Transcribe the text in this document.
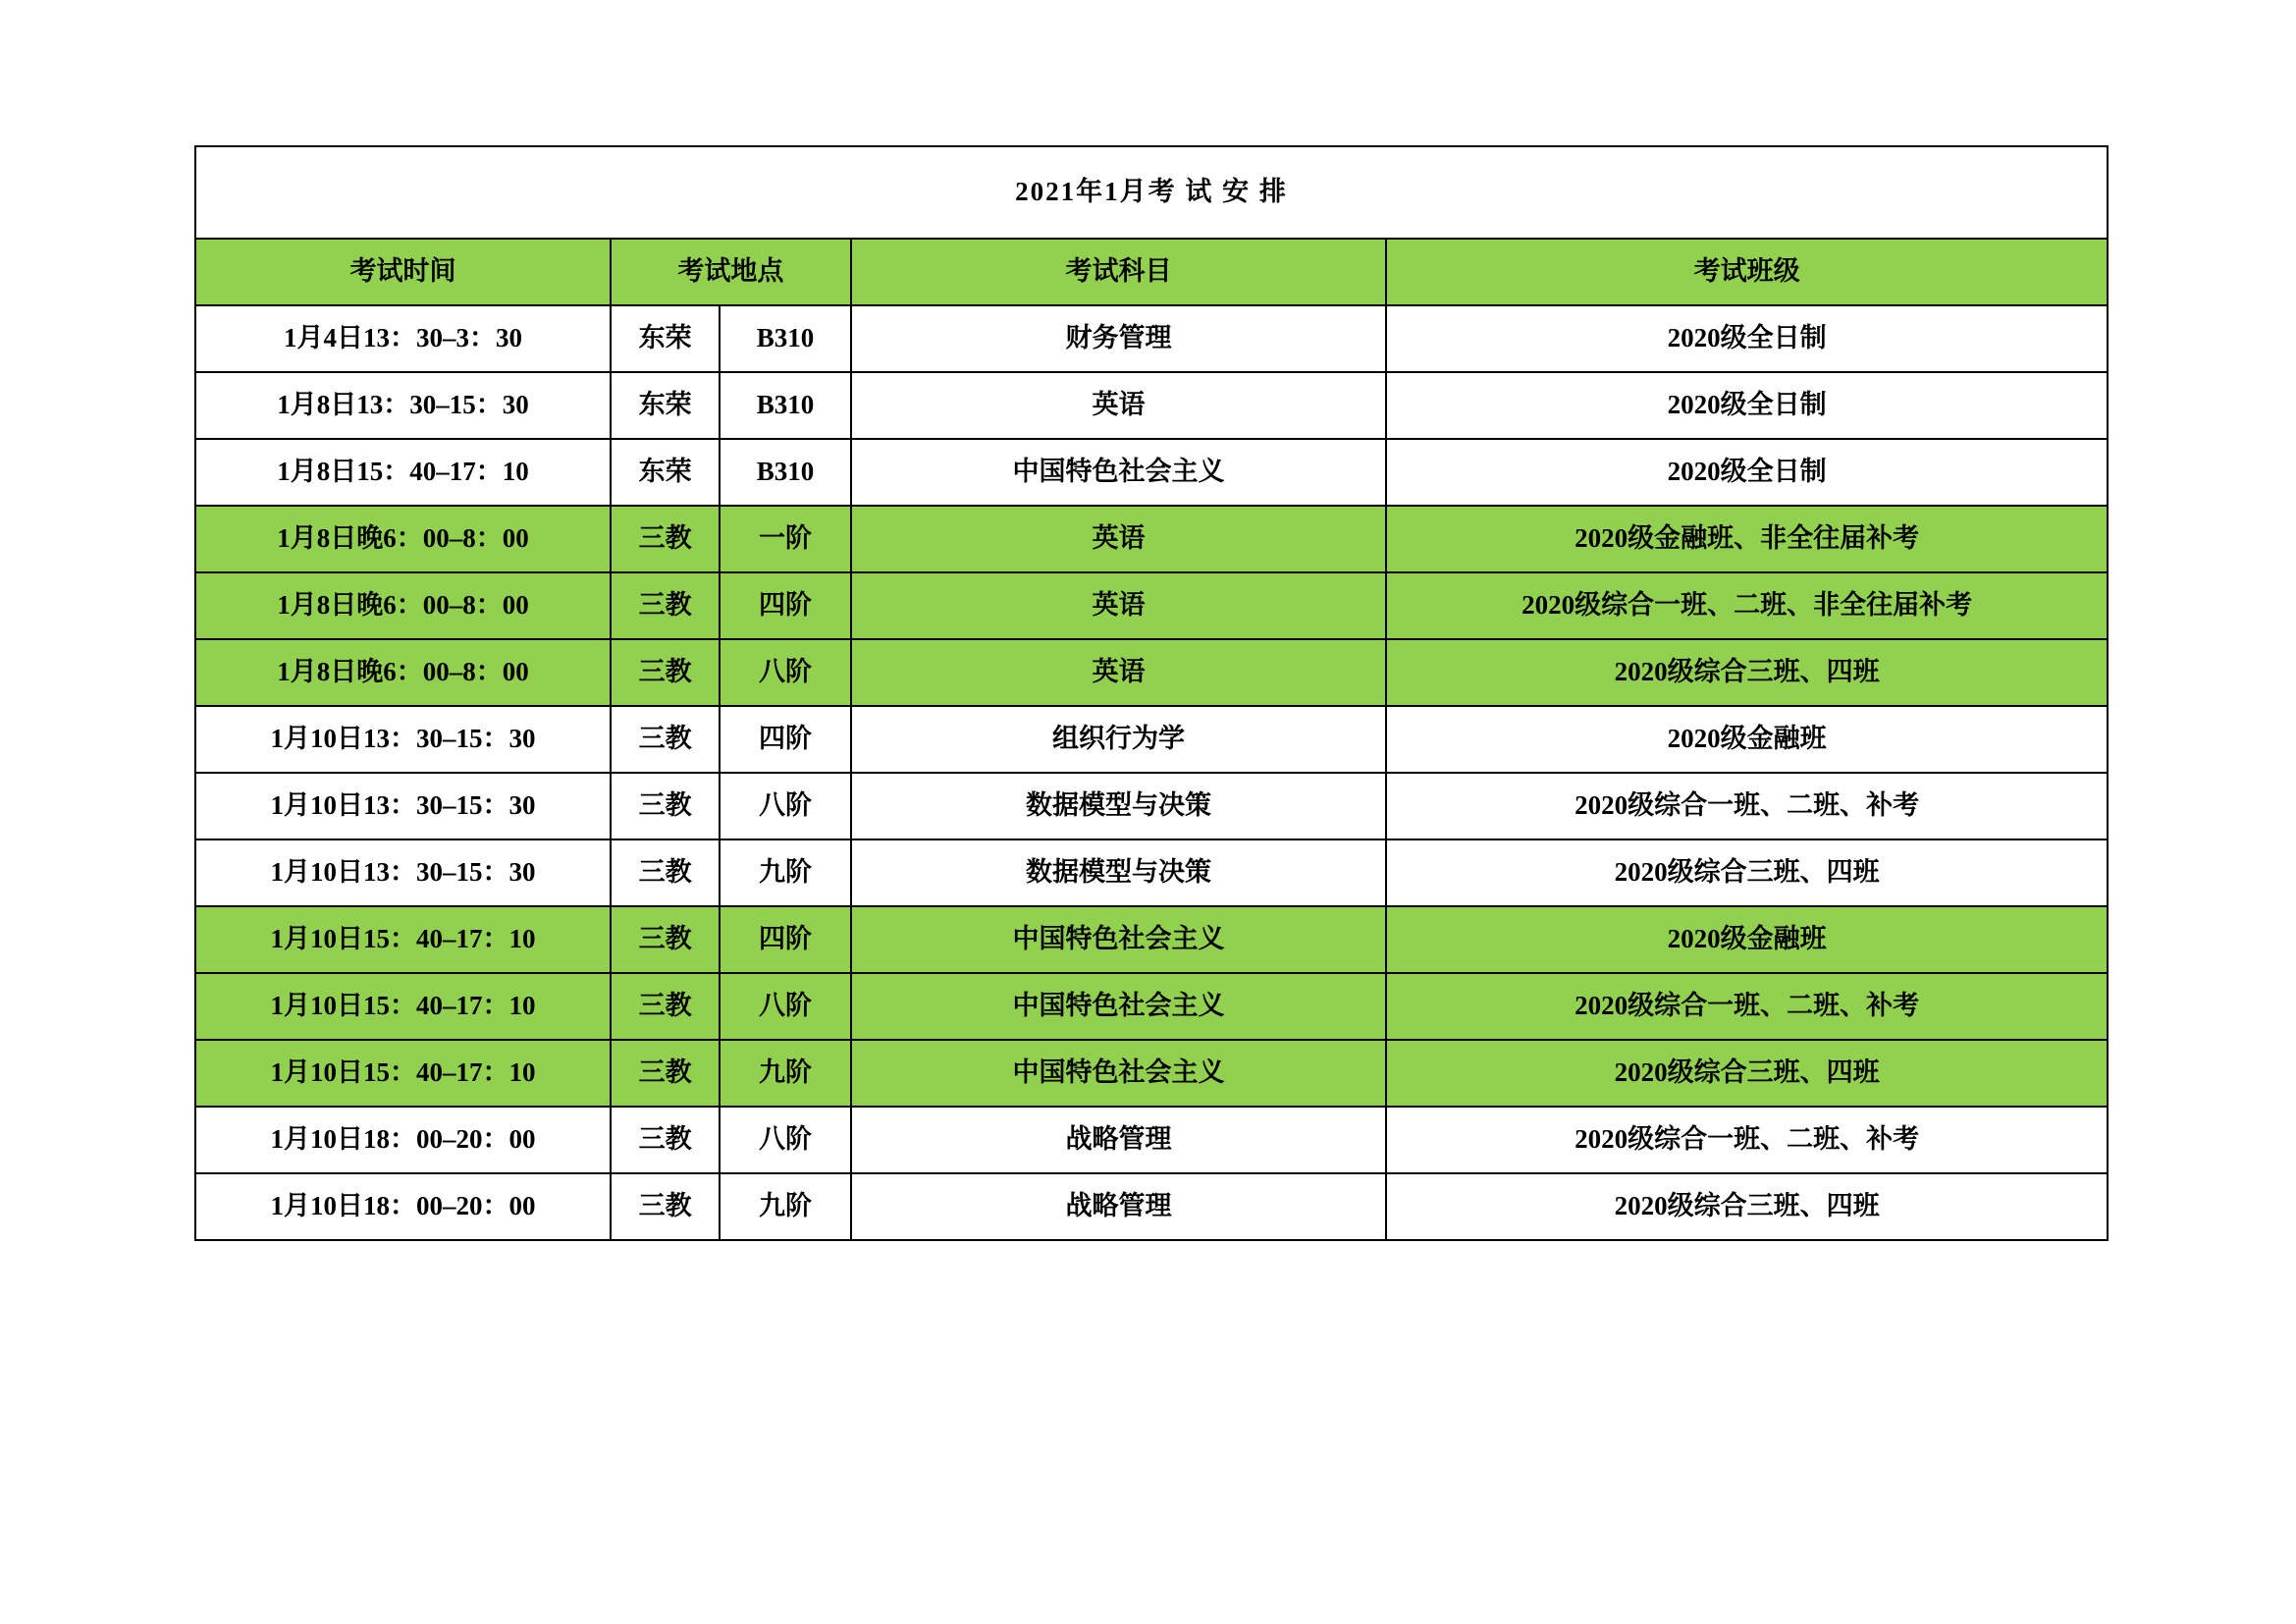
2021年1月考 试 安 排				
考试时间	考试地点		考试科目	考试班级
1月4日13：30–3：30	东荣	B310	财务管理	2020级全日制
1月8日13：30–15：30	东荣	B310	英语	2020级全日制
1月8日15：40–17：10	东荣	B310	中国特色社会主义	2020级全日制
1月8日晚6：00–8：00	三教	一阶	英语	2020级金融班、非全往届补考
1月8日晚6：00–8：00	三教	四阶	英语	2020级综合一班、二班、非全往届补考
1月8日晚6：00–8：00	三教	八阶	英语	2020级综合三班、四班
1月10日13：30–15：30	三教	四阶	组织行为学	2020级金融班
1月10日13：30–15：30	三教	八阶	数据模型与决策	2020级综合一班、二班、补考
1月10日13：30–15：30	三教	九阶	数据模型与决策	2020级综合三班、四班
1月10日15：40–17：10	三教	四阶	中国特色社会主义	2020级金融班
1月10日15：40–17：10	三教	八阶	中国特色社会主义	2020级综合一班、二班、补考
1月10日15：40–17：10	三教	九阶	中国特色社会主义	2020级综合三班、四班
1月10日18：00–20：00	三教	八阶	战略管理	2020级综合一班、二班、补考
1月10日18：00–20：00	三教	九阶	战略管理	2020级综合三班、四班
